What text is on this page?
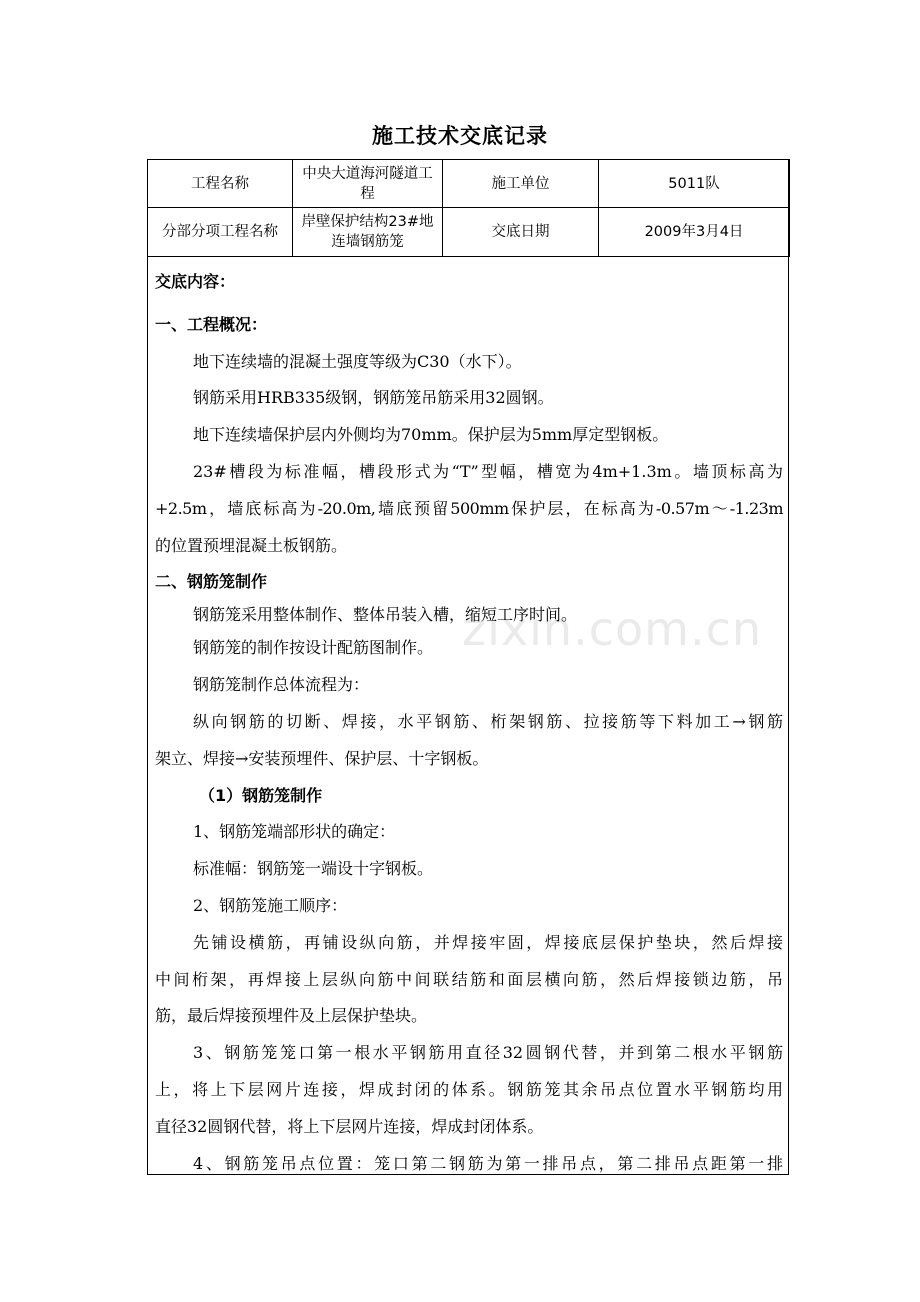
施工技术交底记录
工程名称	中央大道海河隧道工程	施工单位	5011队
分部分项工程名称	岸壁保护结构23#地连墙钢筋笼	交底日期	2009年3月4日
zixin.com.cn

交底内容：

一、工程概况：

地下连续墙的混凝土强度等级为C30（水下）。

钢筋采用HRB335级钢，钢筋笼吊筋采用32圆钢。

地下连续墙保护层内外侧均为70mm。保护层为5mm厚定型钢板。

23#槽段为标准幅，槽段形式为“T”型幅，槽宽为4m+1.3m。墙顶标高为

+2.5m，墙底标高为-20.0m,墙底预留500mm保护层，在标高为-0.57m～-1.23m

的位置预埋混凝土板钢筋。

二、钢筋笼制作

钢筋笼采用整体制作、整体吊装入槽，缩短工序时间。

钢筋笼的制作按设计配筋图制作。

钢筋笼制作总体流程为：

纵向钢筋的切断、焊接，水平钢筋、桁架钢筋、拉接筋等下料加工→钢筋

架立、焊接→安装预埋件、保护层、十字钢板。

（1）钢筋笼制作

1、钢筋笼端部形状的确定：

标准幅：钢筋笼一端设十字钢板。

2、钢筋笼施工顺序：

先铺设横筋，再铺设纵向筋，并焊接牢固，焊接底层保护垫块，然后焊接

中间桁架，再焊接上层纵向筋中间联结筋和面层横向筋，然后焊接锁边筋，吊

筋，最后焊接预埋件及上层保护垫块。

3、钢筋笼笼口第一根水平钢筋用直径32圆钢代替，并到第二根水平钢筋

上，将上下层网片连接，焊成封闭的体系。钢筋笼其余吊点位置水平钢筋均用

直径32圆钢代替，将上下层网片连接，焊成封闭体系。

4、钢筋笼吊点位置：笼口第二钢筋为第一排吊点，第二排吊点距第一排
